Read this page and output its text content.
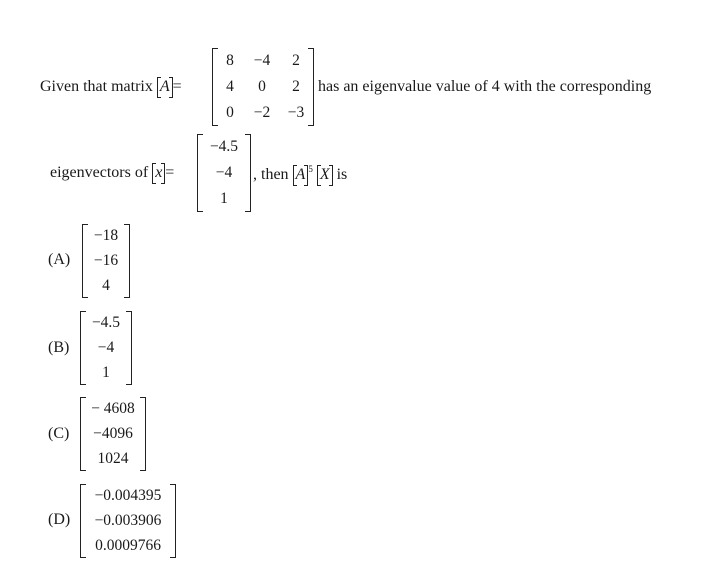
Given that matrix A =
8	−4	2
4	0	2
0	−2	−3
has an eigenvalue value of 4 with the corresponding
eigenvectors of x =
−4.5
−4
1
, then A $^5$ X is
(A)
−18
−16
4
(B)
−4.5
−4
1
(C)
− 4608
−4096
1024
(D)
−0.004395
−0.003906
0.0009766
